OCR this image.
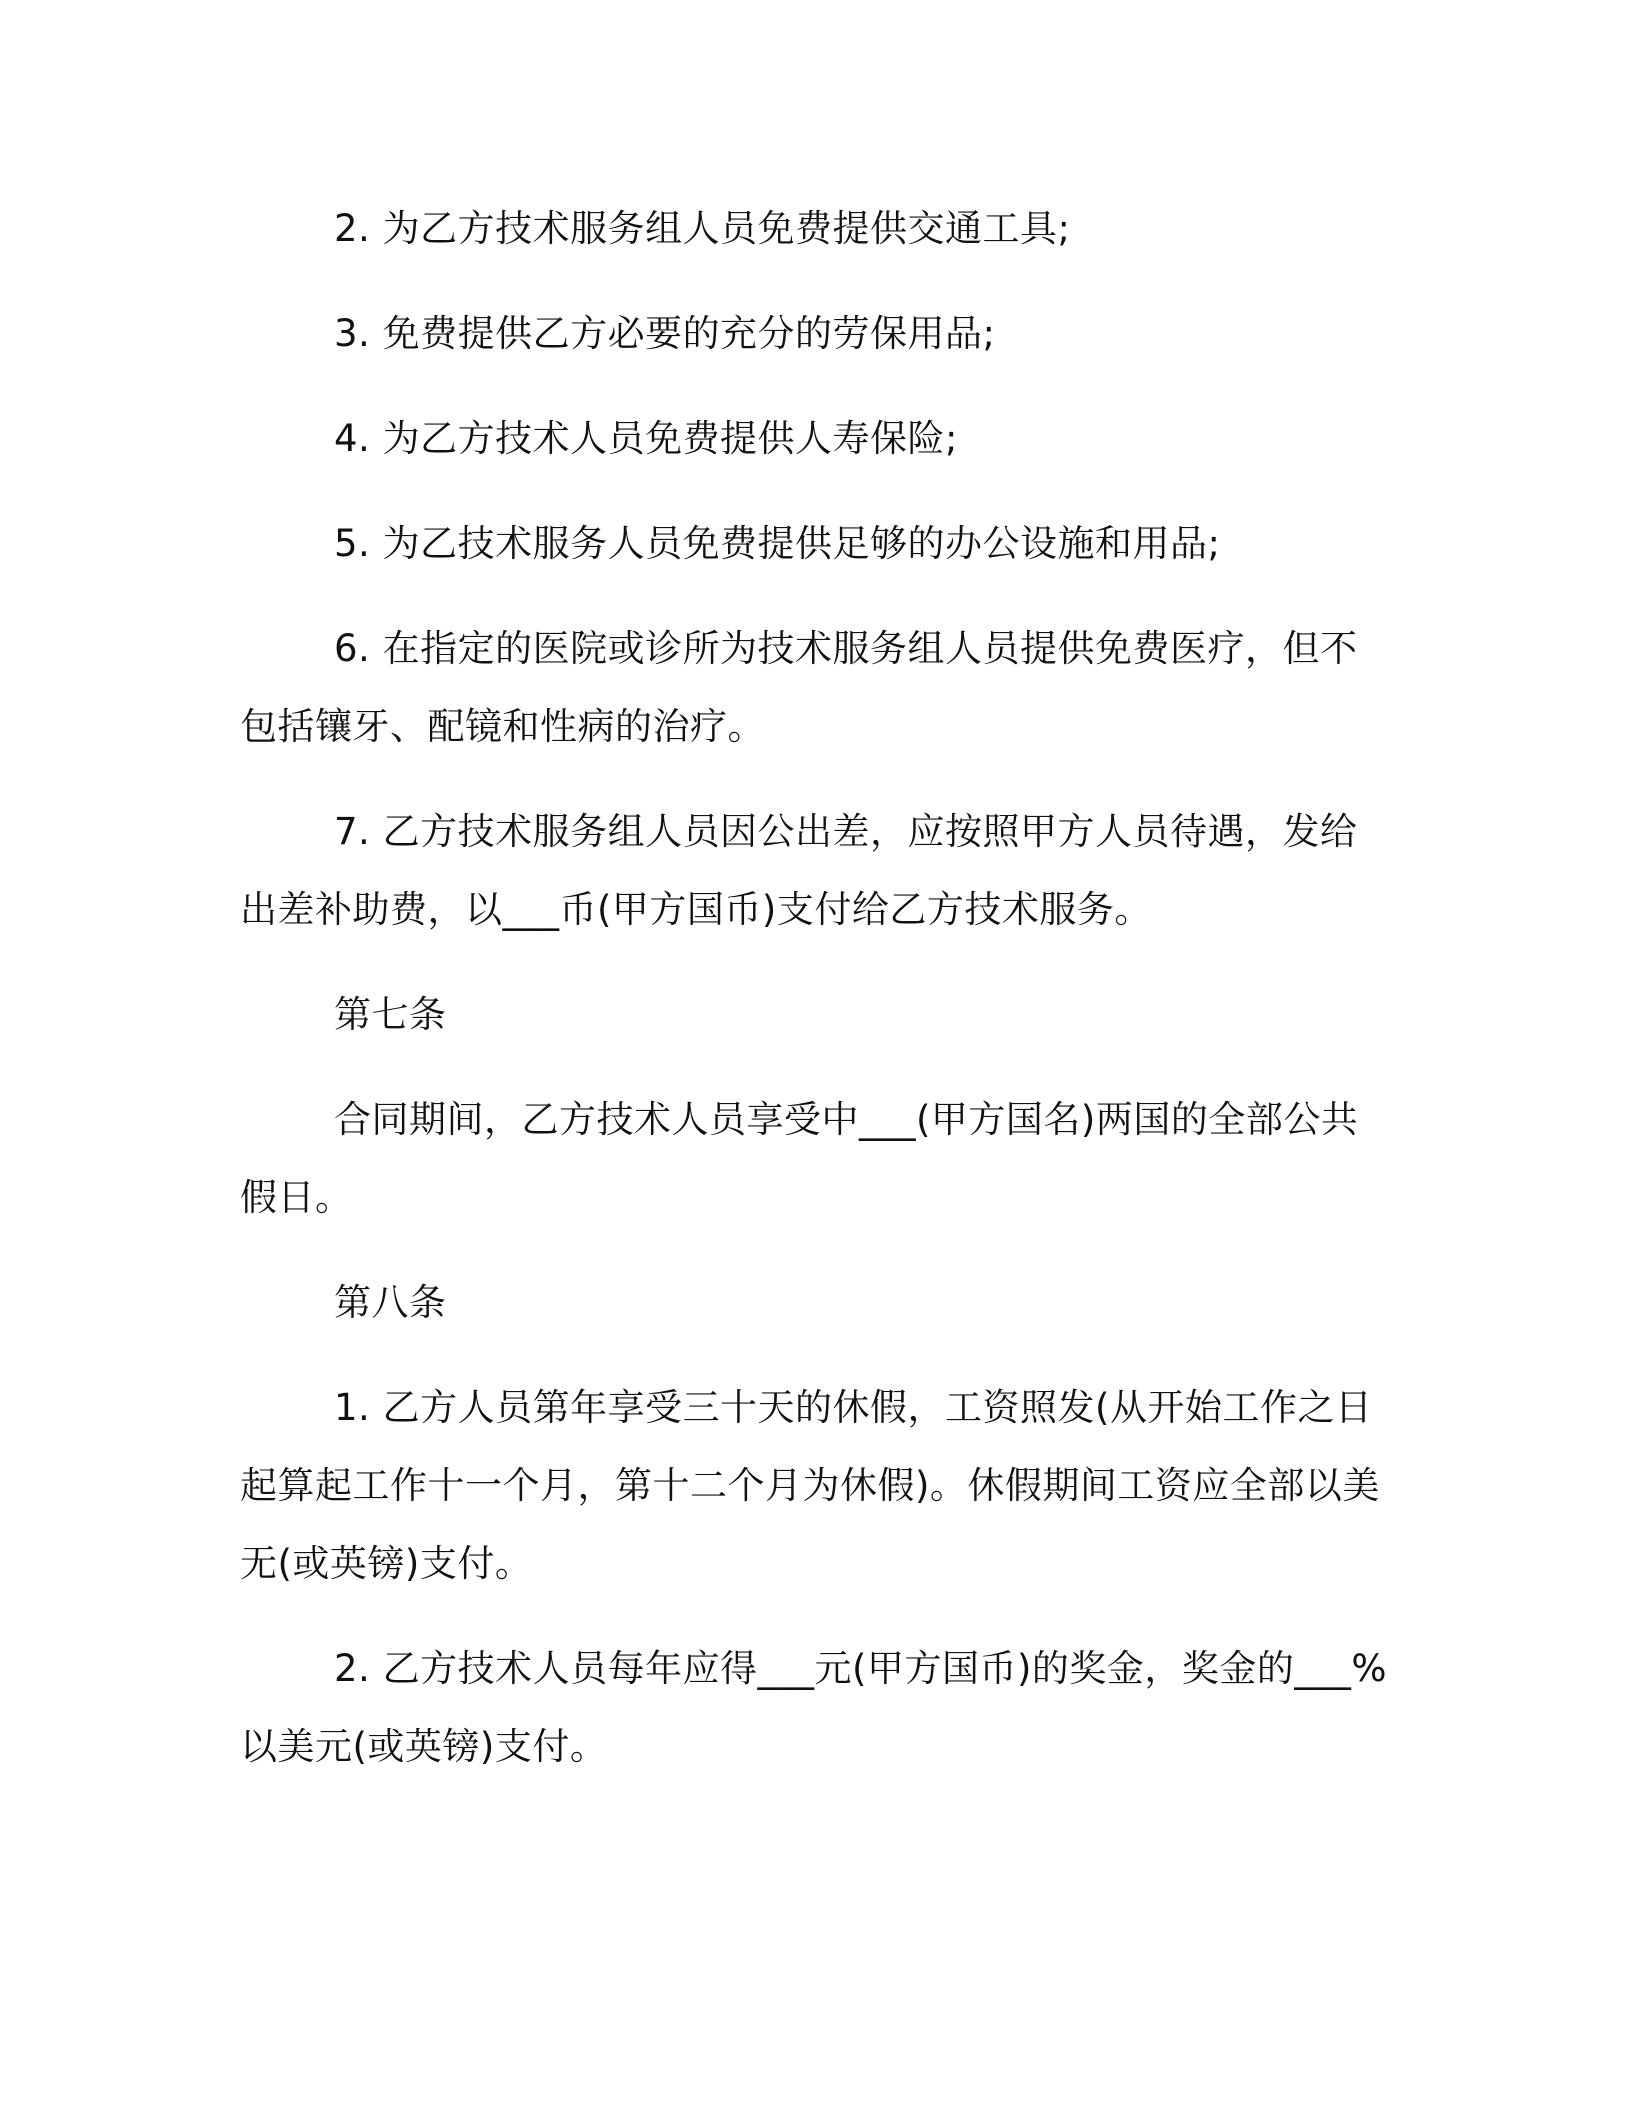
2. 为乙方技术服务组人员免费提供交通工具;

3. 免费提供乙方必要的充分的劳保用品;

4. 为乙方技术人员免费提供人寿保险;

5. 为乙技术服务人员免费提供足够的办公设施和用品;

6. 在指定的医院或诊所为技术服务组人员提供免费医疗，但不包括镶牙、配镜和性病的治疗。

7. 乙方技术服务组人员因公出差，应按照甲方人员待遇，发给出差补助费，以___币(甲方国币)支付给乙方技术服务。

第七条

合同期间，乙方技术人员享受中___(甲方国名)两国的全部公共假日。

第八条

1. 乙方人员第年享受三十天的休假，工资照发(从开始工作之日起算起工作十一个月，第十二个月为休假)。休假期间工资应全部以美无(或英镑)支付。

2. 乙方技术人员每年应得___元(甲方国币)的奖金，奖金的___%以美元(或英镑)支付。
